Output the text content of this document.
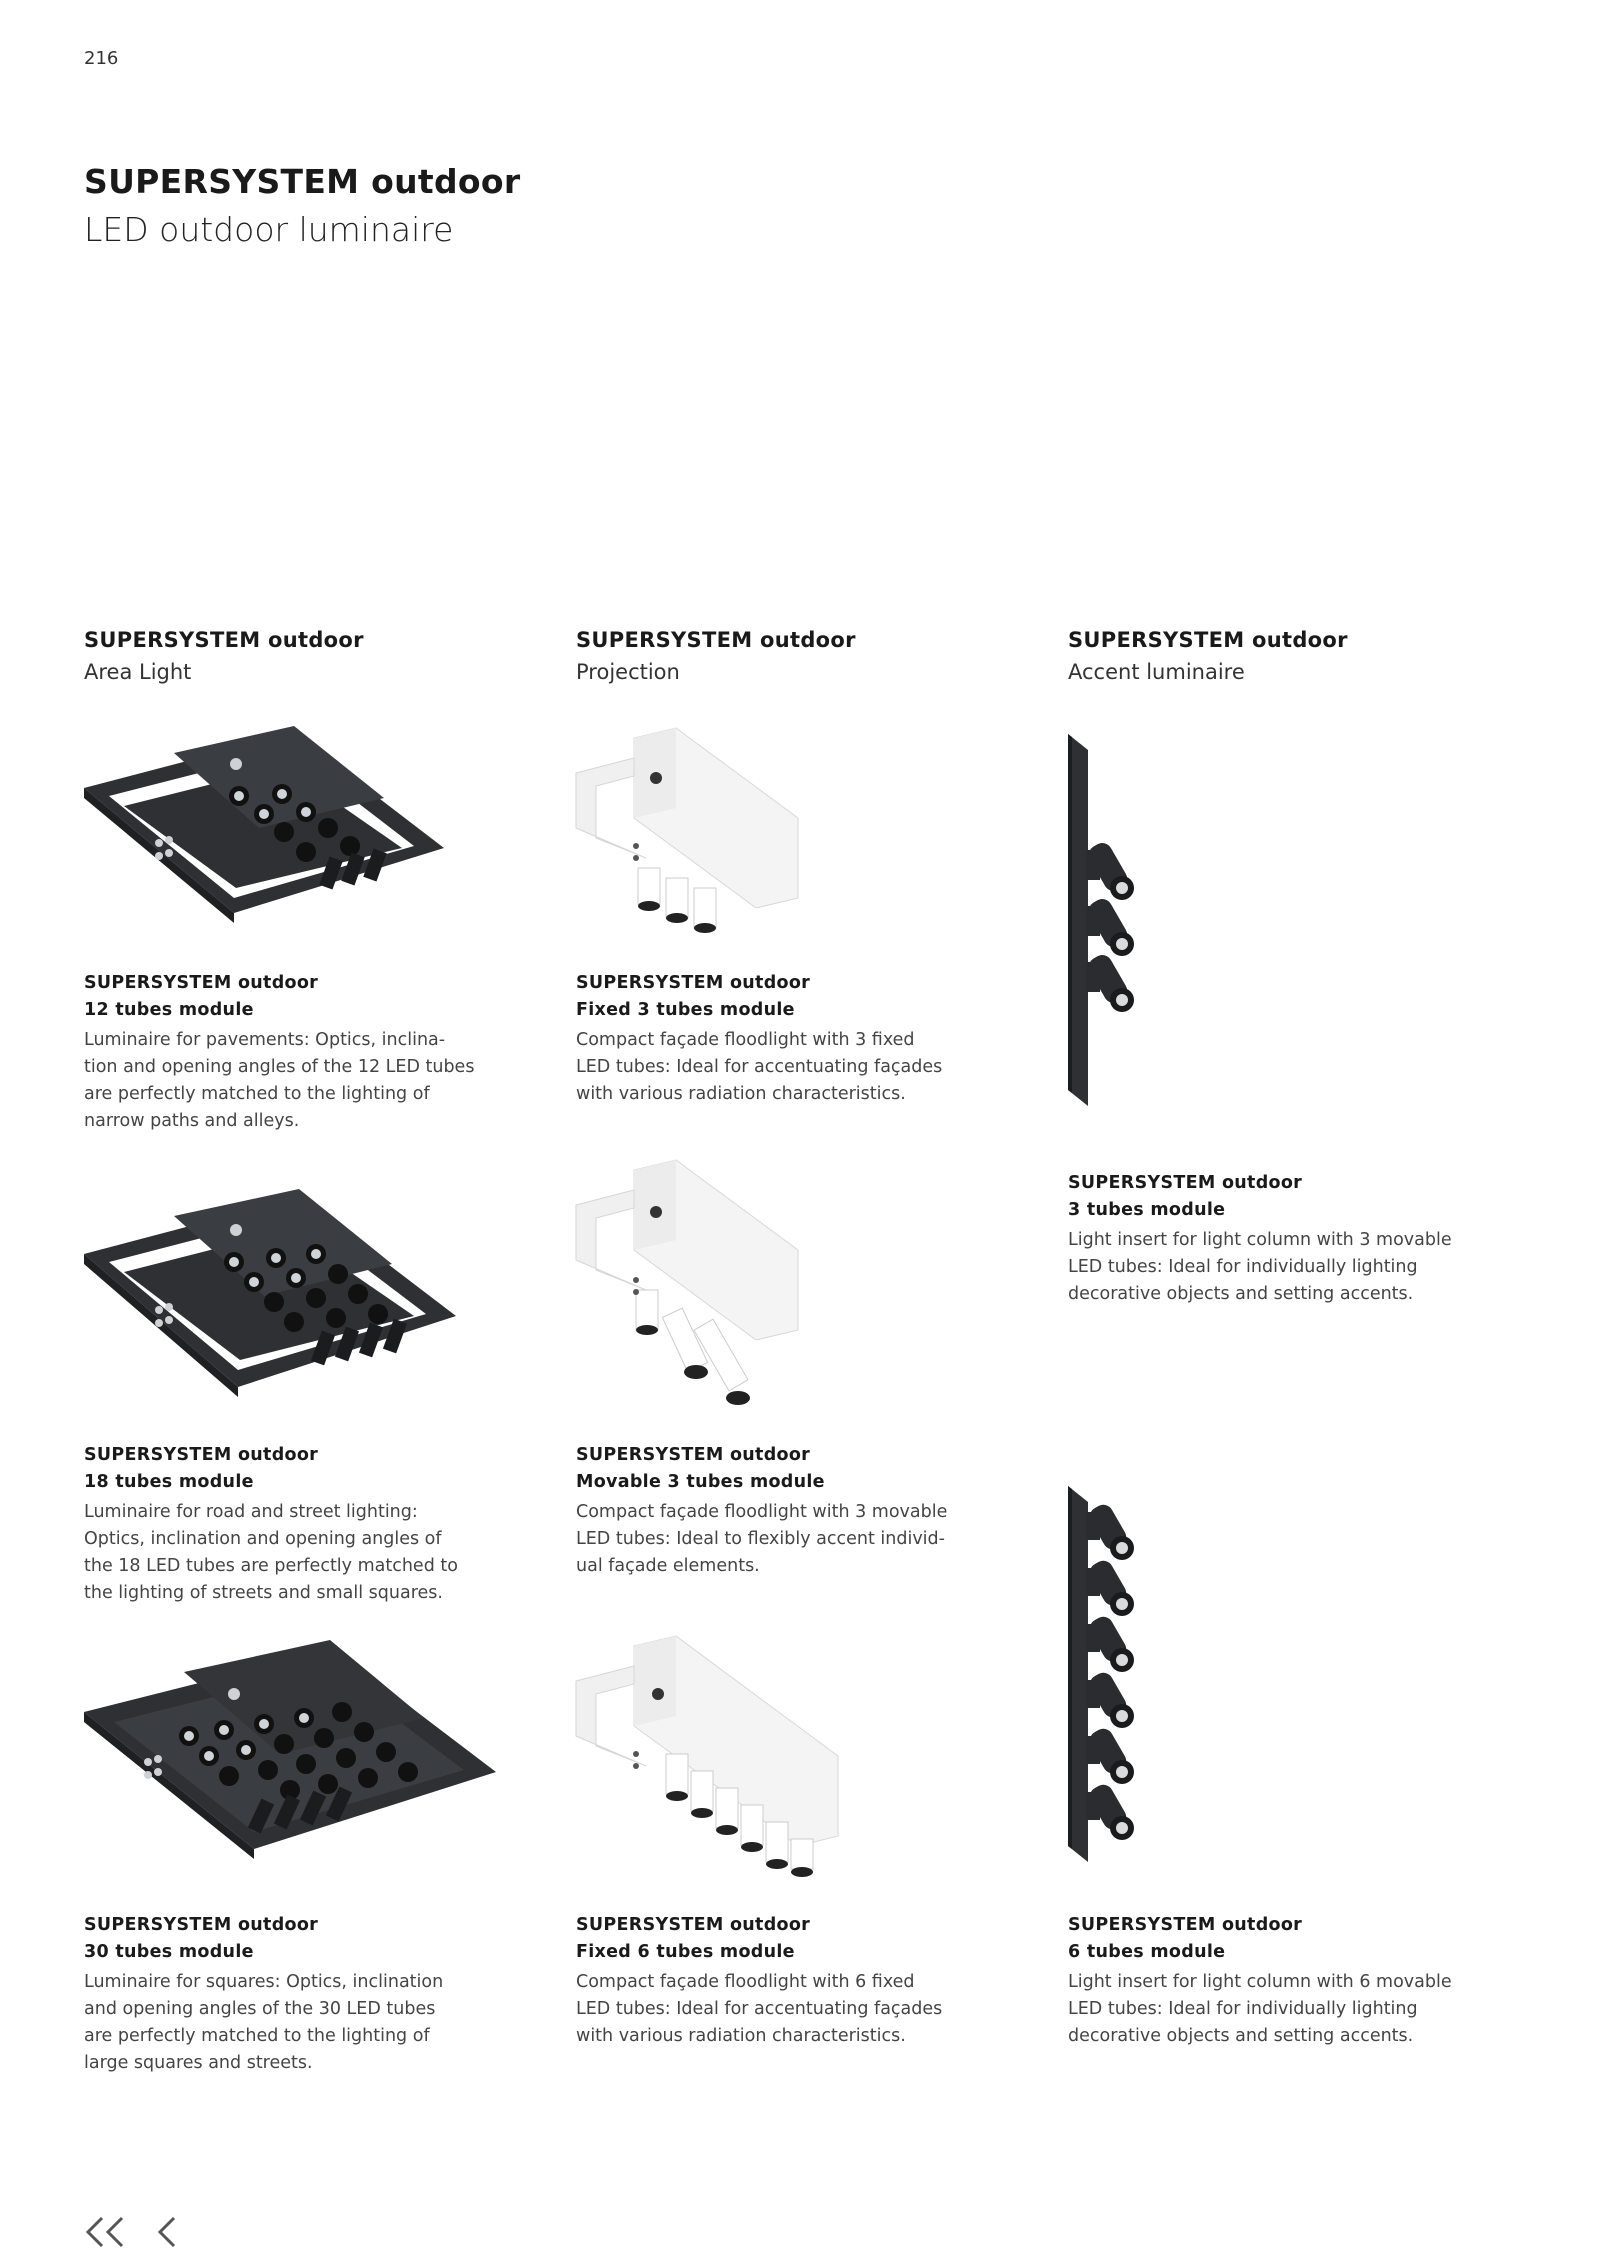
216
SUPERSYSTEM outdoor
LED outdoor luminaire
SUPERSYSTEM outdoor
Area Light
SUPERSYSTEM outdoor
Projection
SUPERSYSTEM outdoor
Accent luminaire
SUPERSYSTEM outdoor
12 tubes module
Luminaire for pavements: Optics, inclina-
tion and opening angles of the 12 LED tubes
are perfectly matched to the lighting of
narrow paths and alleys.
SUPERSYSTEM outdoor
Fixed 3 tubes module
Compact façade floodlight with 3 fixed
LED tubes: Ideal for accentuating façades
with various radiation characteristics.
SUPERSYSTEM outdoor
3 tubes module
Light insert for light column with 3 movable
LED tubes: Ideal for individually lighting
decorative objects and setting accents.
SUPERSYSTEM outdoor
18 tubes module
Luminaire for road and street lighting:
Optics, inclination and opening angles of
the 18 LED tubes are perfectly matched to
the lighting of streets and small squares.
SUPERSYSTEM outdoor
Movable 3 tubes module
Compact façade floodlight with 3 movable
LED tubes: Ideal to flexibly accent individ-
ual façade elements.
SUPERSYSTEM outdoor
30 tubes module
Luminaire for squares: Optics, inclination
and opening angles of the 30 LED tubes
are perfectly matched to the lighting of
large squares and streets.
SUPERSYSTEM outdoor
Fixed 6 tubes module
Compact façade floodlight with 6 fixed
LED tubes: Ideal for accentuating façades
with various radiation characteristics.
SUPERSYSTEM outdoor
6 tubes module
Light insert for light column with 6 movable
LED tubes: Ideal for individually lighting
decorative objects and setting accents.
